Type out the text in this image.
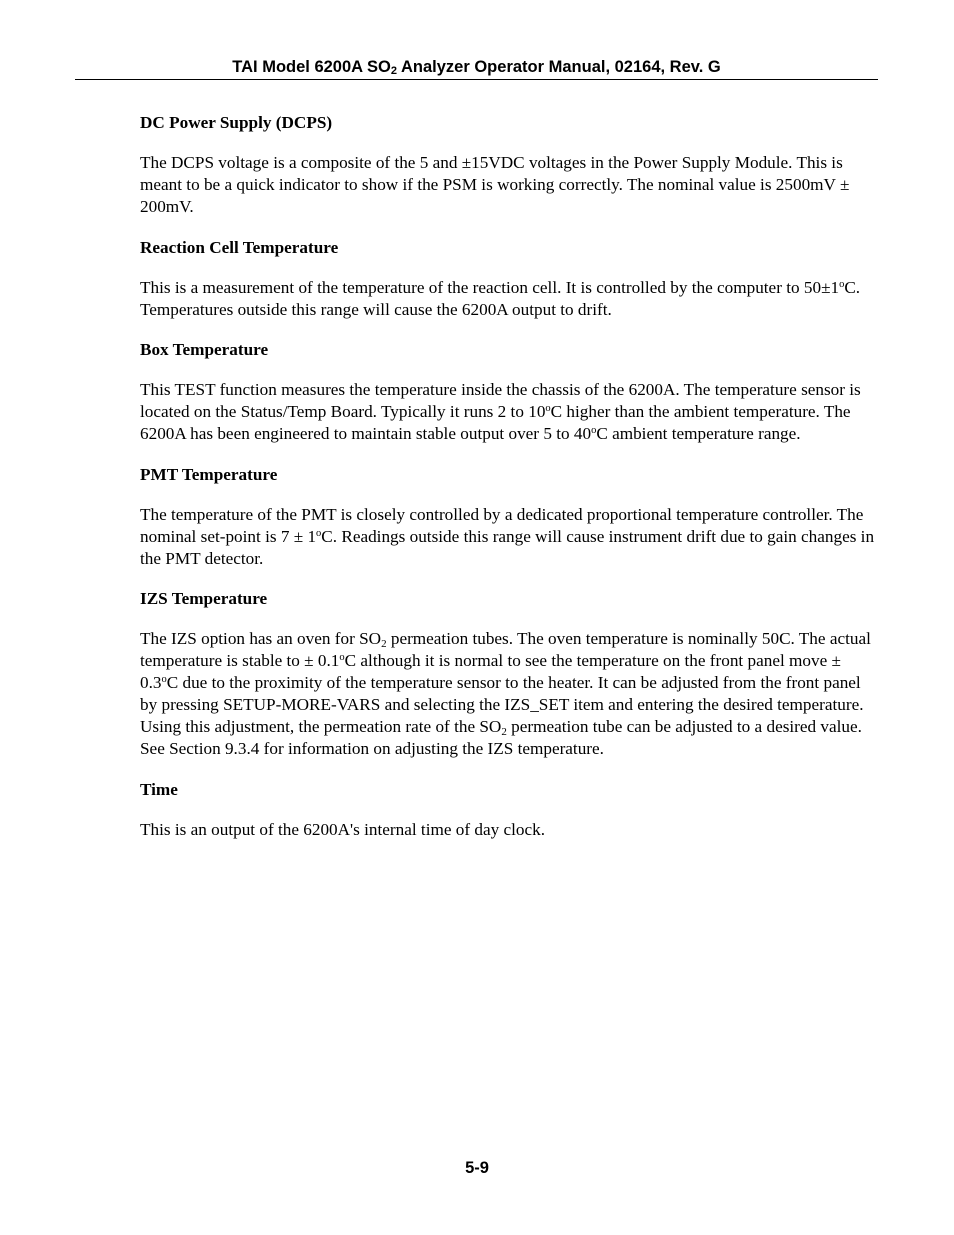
TAI Model 6200A $SO_2$ Analyzer Operator Manual, 02164, Rev. G
DC Power Supply (DCPS)
The DCPS voltage is a composite of the 5 and ±15VDC voltages in the Power Supply Module. This is meant to be a quick indicator to show if the PSM is working correctly. The nominal value is 2500mV ± 200mV.
Reaction Cell Temperature
This is a measurement of the temperature of the reaction cell. It is controlled by the computer to $50\pm 1^oC$. Temperatures outside this range will cause the 6200A output to drift.
Box Temperature
This TEST function measures the temperature inside the chassis of the 6200A. The temperature sensor is located on the Status/Temp Board. Typically it runs 2 to 10$^o$C higher than the ambient temperature. The 6200A has been engineered to maintain stable output over 5 to 40$^o$C ambient temperature range.
PMT Temperature
The temperature of the PMT is closely controlled by a dedicated proportional temperature controller. The nominal set-point is $7 \pm 1^oC$. Readings outside this range will cause instrument drift due to gain changes in the PMT detector.
IZS Temperature
The IZS option has an oven for $SO_2$ permeation tubes. The oven temperature is nominally 50C. The actual temperature is stable to ± $0.1^oC$ although it is normal to see the temperature on the front panel move ± $0.3^oC$ due to the proximity of the temperature sensor to the heater. It can be adjusted from the front panel by pressing SETUP-MORE-VARS and selecting the IZS_SET item and entering the desired temperature. Using this adjustment, the permeation rate of the $SO_2$ permeation tube can be adjusted to a desired value. See Section 9.3.4 for information on adjusting the IZS temperature.
Time
This is an output of the 6200A's internal time of day clock.
5-9
